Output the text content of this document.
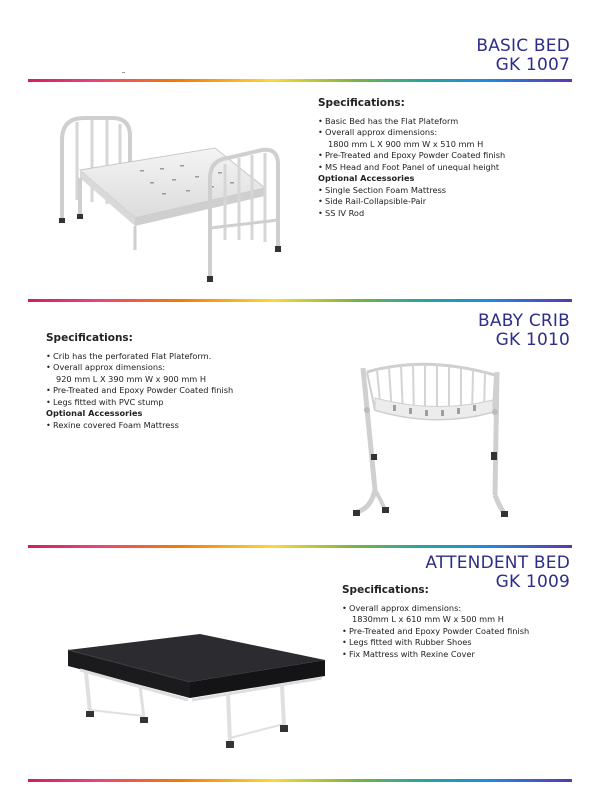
BASIC BED
GK 1007
Specifications:
• Basic Bed has the Flat Plateform
• Overall approx dimensions:
1800 mm L X 900 mm W x 510 mm H
• Pre-Treated and Epoxy Powder Coated finish
• MS Head and Foot Panel of unequal height
Optional Accessories
• Single Section Foam Mattress
• Side Rail-Collapsible-Pair
• SS IV Rod
BABY CRIB
GK 1010
Specifications:
• Crib has the perforated Flat Plateform.
• Overall approx dimensions:
920 mm L X 390 mm W x 900 mm H
• Pre-Treated and Epoxy Powder Coated finish
• Legs fitted with PVC stump
Optional Accessories
• Rexine covered Foam Mattress
ATTENDENT BED
GK 1009
Specifications:
• Overall approx dimensions:
1830mm L x 610 mm W x 500 mm H
• Pre-Treated and Epoxy Powder Coated finish
• Legs fitted with Rubber Shoes
• Fix Mattress with Rexine Cover
